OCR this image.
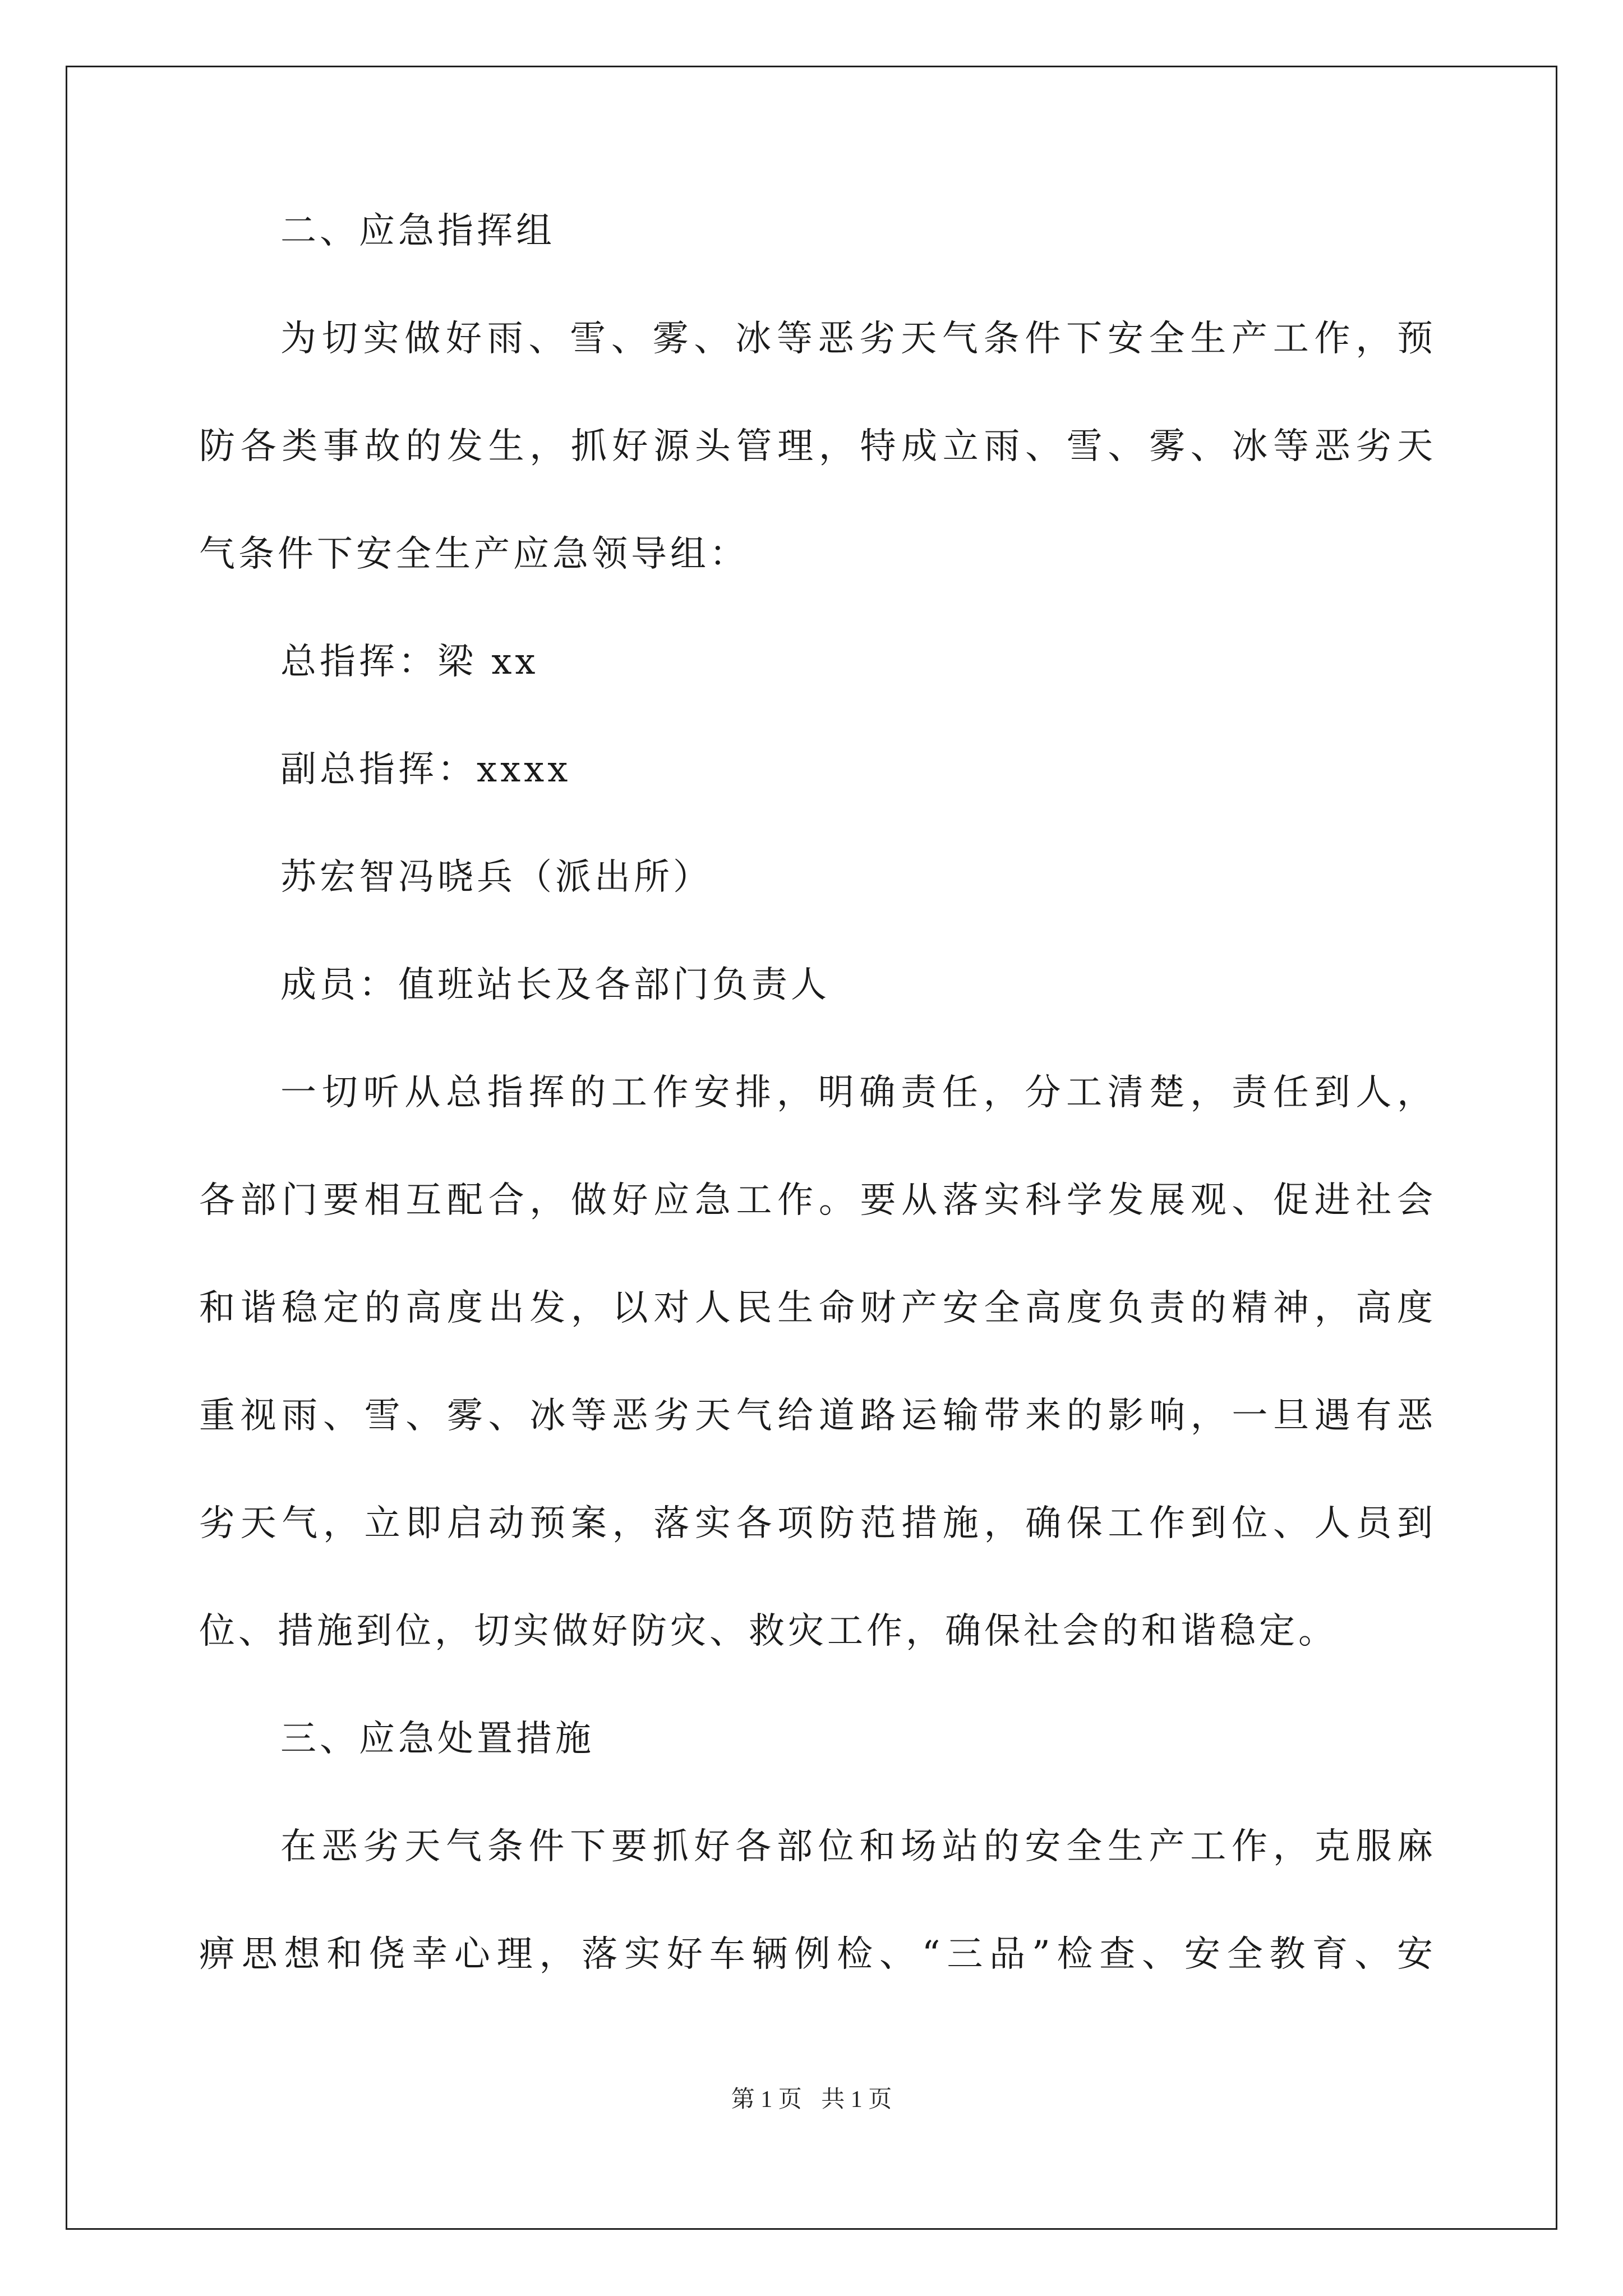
二、应急指挥组
为切实做好雨、雪、雾、冰等恶劣天气条件下安全生产工作，预
防各类事故的发生，抓好源头管理，特成立雨、雪、雾、冰等恶劣天
气条件下安全生产应急领导组：
总指挥：梁 xx
副总指挥：xxxx
苏宏智冯晓兵（派出所）
成员：值班站长及各部门负责人
一切听从总指挥的工作安排，明确责任，分工清楚，责任到人，
各部门要相互配合，做好应急工作。要从落实科学发展观、促进社会
和谐稳定的高度出发，以对人民生命财产安全高度负责的精神，高度
重视雨、雪、雾、冰等恶劣天气给道路运输带来的影响，一旦遇有恶
劣天气，立即启动预案，落实各项防范措施，确保工作到位、人员到
位、措施到位，切实做好防灾、救灾工作，确保社会的和谐稳定。
三、应急处置措施
在恶劣天气条件下要抓好各部位和场站的安全生产工作，克服麻
痹思想和侥幸心理，落实好车辆例检、“三品”检查、安全教育、安
第 1 页 共 1 页
